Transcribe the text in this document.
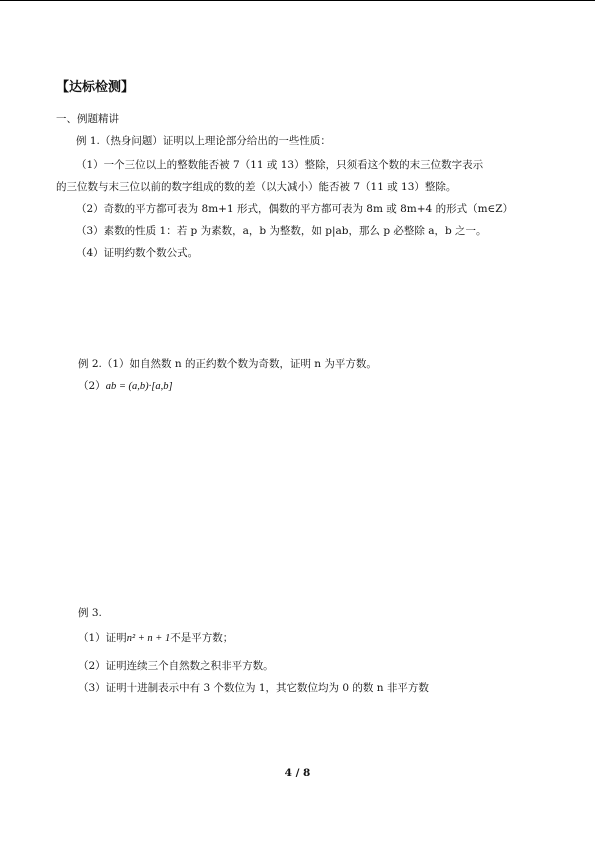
【达标检测】
一、例题精讲
例 1.（热身问题）证明以上理论部分给出的一些性质：
（1）一个三位以上的整数能否被 7（11 或 13）整除，只须看这个数的末三位数字表示
的三位数与末三位以前的数字组成的数的差（以大减小）能否被 7（11 或 13）整除。
（2）奇数的平方都可表为 8m+1 形式，偶数的平方都可表为 8m 或 8m+4 的形式（m∈Z）
（3）素数的性质 1：若 p 为素数，a，b 为整数，如 p|ab，那么 p 必整除 a，b 之一。
（4）证明约数个数公式。
例 2.（1）如自然数 n 的正约数个数为奇数，证明 n 为平方数。
（2）ab = (a,b)·[a,b]
例 3.
（1）证明n² + n + 1不是平方数；
（2）证明连续三个自然数之积非平方数。
（3）证明十进制表示中有 3 个数位为 1，其它数位均为 0 的数 n 非平方数
4 / 8
